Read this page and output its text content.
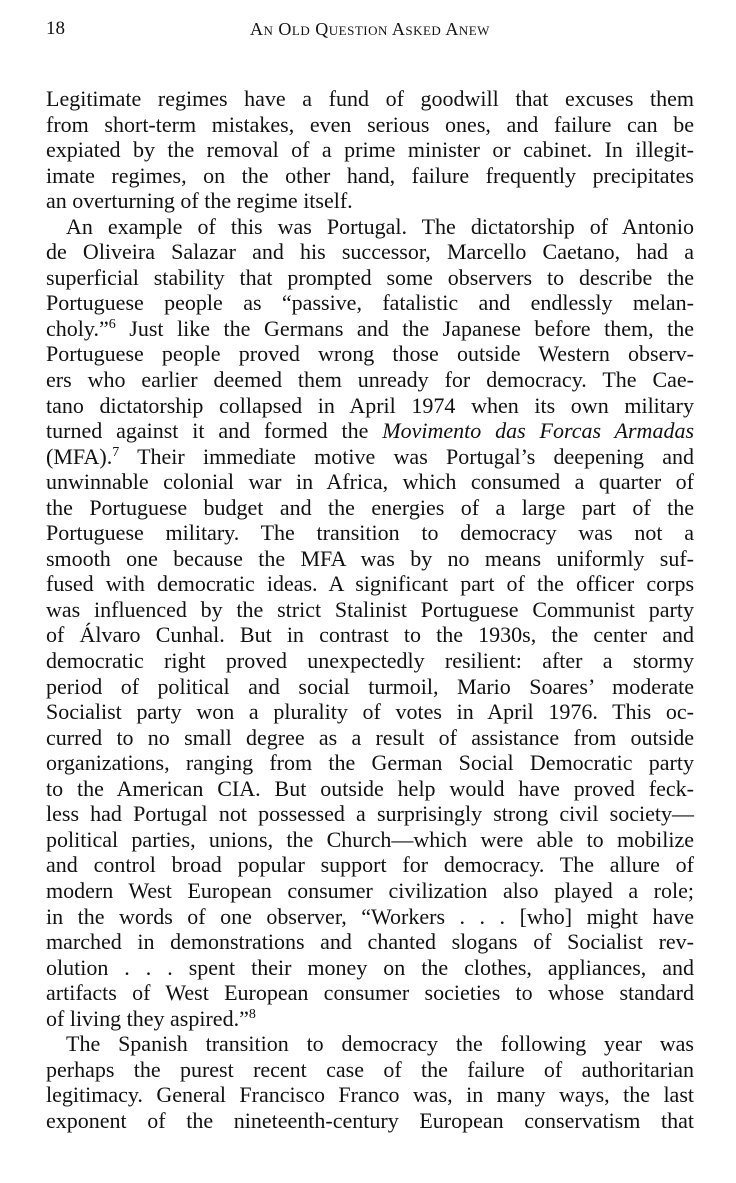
18	An Old Question Asked Anew
Legitimate regimes have a fund of goodwill that excuses them
from short-term mistakes, even serious ones, and failure can be
expiated by the removal of a prime minister or cabinet. In illegit-
imate regimes, on the other hand, failure frequently precipitates
an overturning of the regime itself.
An example of this was Portugal. The dictatorship of Antonio
de Oliveira Salazar and his successor, Marcello Caetano, had a
superficial stability that prompted some observers to describe the
Portuguese people as “passive, fatalistic and endlessly melan-
choly.”$^6$ Just like the Germans and the Japanese before them, the
Portuguese people proved wrong those outside Western observ-
ers who earlier deemed them unready for democracy. The Cae-
tano dictatorship collapsed in April 1974 when its own military
turned against it and formed the Movimento das Forcas Armadas
(MFA).$^7$ Their immediate motive was Portugal’s deepening and
unwinnable colonial war in Africa, which consumed a quarter of
the Portuguese budget and the energies of a large part of the
Portuguese military. The transition to democracy was not a
smooth one because the MFA was by no means uniformly suf-
fused with democratic ideas. A significant part of the officer corps
was influenced by the strict Stalinist Portuguese Communist party
of Álvaro Cunhal. But in contrast to the 1930s, the center and
democratic right proved unexpectedly resilient: after a stormy
period of political and social turmoil, Mario Soares’ moderate
Socialist party won a plurality of votes in April 1976. This oc-
curred to no small degree as a result of assistance from outside
organizations, ranging from the German Social Democratic party
to the American CIA. But outside help would have proved feck-
less had Portugal not possessed a surprisingly strong civil society—
political parties, unions, the Church—which were able to mobilize
and control broad popular support for democracy. The allure of
modern West European consumer civilization also played a role;
in the words of one observer, “Workers . . . [who] might have
marched in demonstrations and chanted slogans of Socialist rev-
olution . . . spent their money on the clothes, appliances, and
artifacts of West European consumer societies to whose standard
of living they aspired.”$^8$
The Spanish transition to democracy the following year was
perhaps the purest recent case of the failure of authoritarian
legitimacy. General Francisco Franco was, in many ways, the last
exponent of the nineteenth-century European conservatism that
